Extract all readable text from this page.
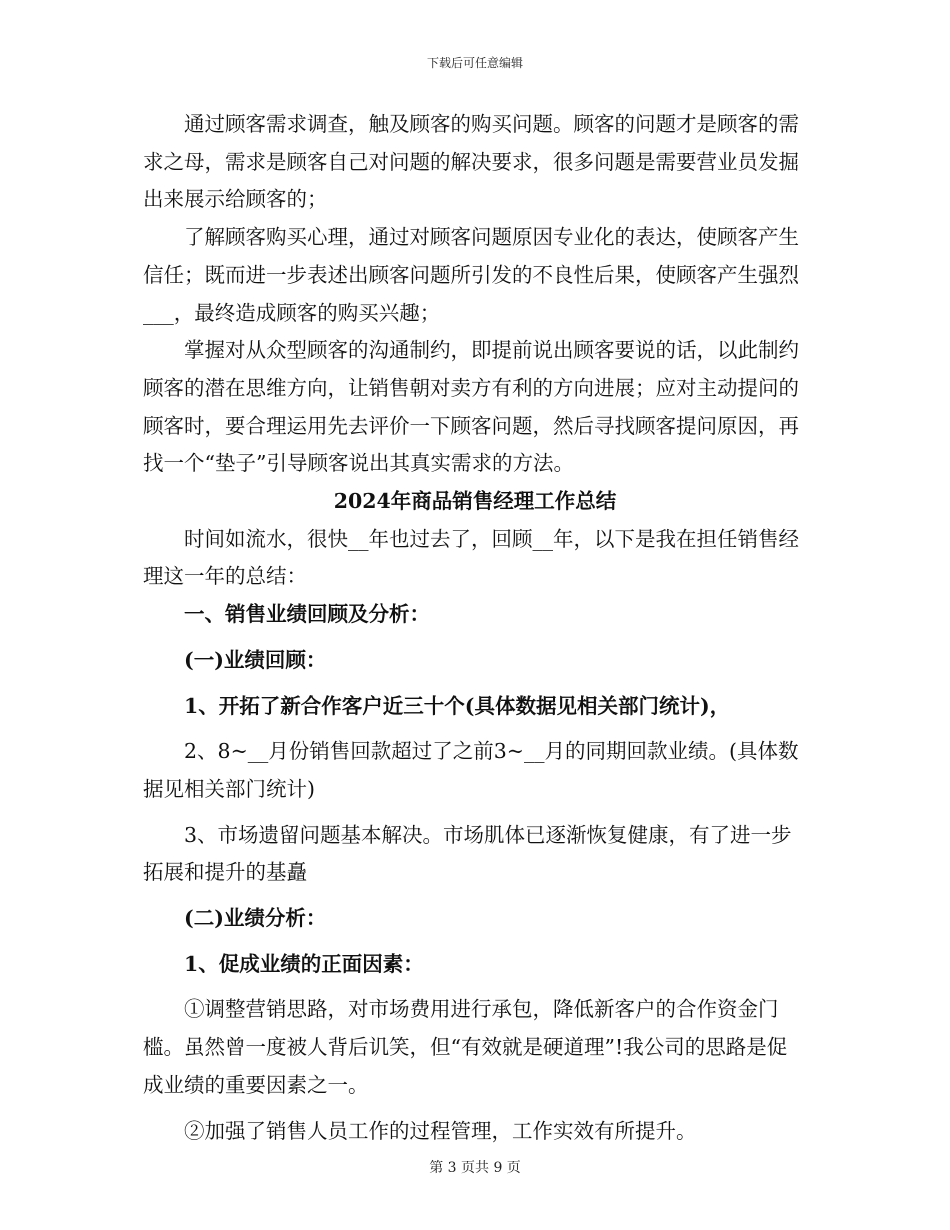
下载后可任意编辑

通过顾客需求调查，触及顾客的购买问题。顾客的问题才是顾客的需求之母，需求是顾客自己对问题的解决要求，很多问题是需要营业员发掘出来展示给顾客的；

了解顾客购买心理，通过对顾客问题原因专业化的表达，使顾客产生信任；既而进一步表述出顾客问题所引发的不良性后果，使顾客产生强烈___，最终造成顾客的购买兴趣；

掌握对从众型顾客的沟通制约，即提前说出顾客要说的话，以此制约顾客的潜在思维方向，让销售朝对卖方有利的方向进展；应对主动提问的顾客时，要合理运用先去评价一下顾客问题，然后寻找顾客提问原因，再找一个“垫子”引导顾客说出其真实需求的方法。

2024年商品销售经理工作总结

时间如流水，很快__年也过去了，回顾__年，以下是我在担任销售经理这一年的总结：

一、销售业绩回顾及分析：

(一)业绩回顾：

1、开拓了新合作客户近三十个(具体数据见相关部门统计)，

2、8~__月份销售回款超过了之前3~__月的同期回款业绩。(具体数据见相关部门统计)

3、市场遗留问题基本解决。市场肌体已逐渐恢复健康，有了进一步拓展和提升的基矗

(二)业绩分析：

1、促成业绩的正面因素：

①调整营销思路，对市场费用进行承包，降低新客户的合作资金门槛。虽然曾一度被人背后讥笑，但“有效就是硬道理”!我公司的思路是促成业绩的重要因素之一。

②加强了销售人员工作的过程管理，工作实效有所提升。

第 3 页共 9 页
